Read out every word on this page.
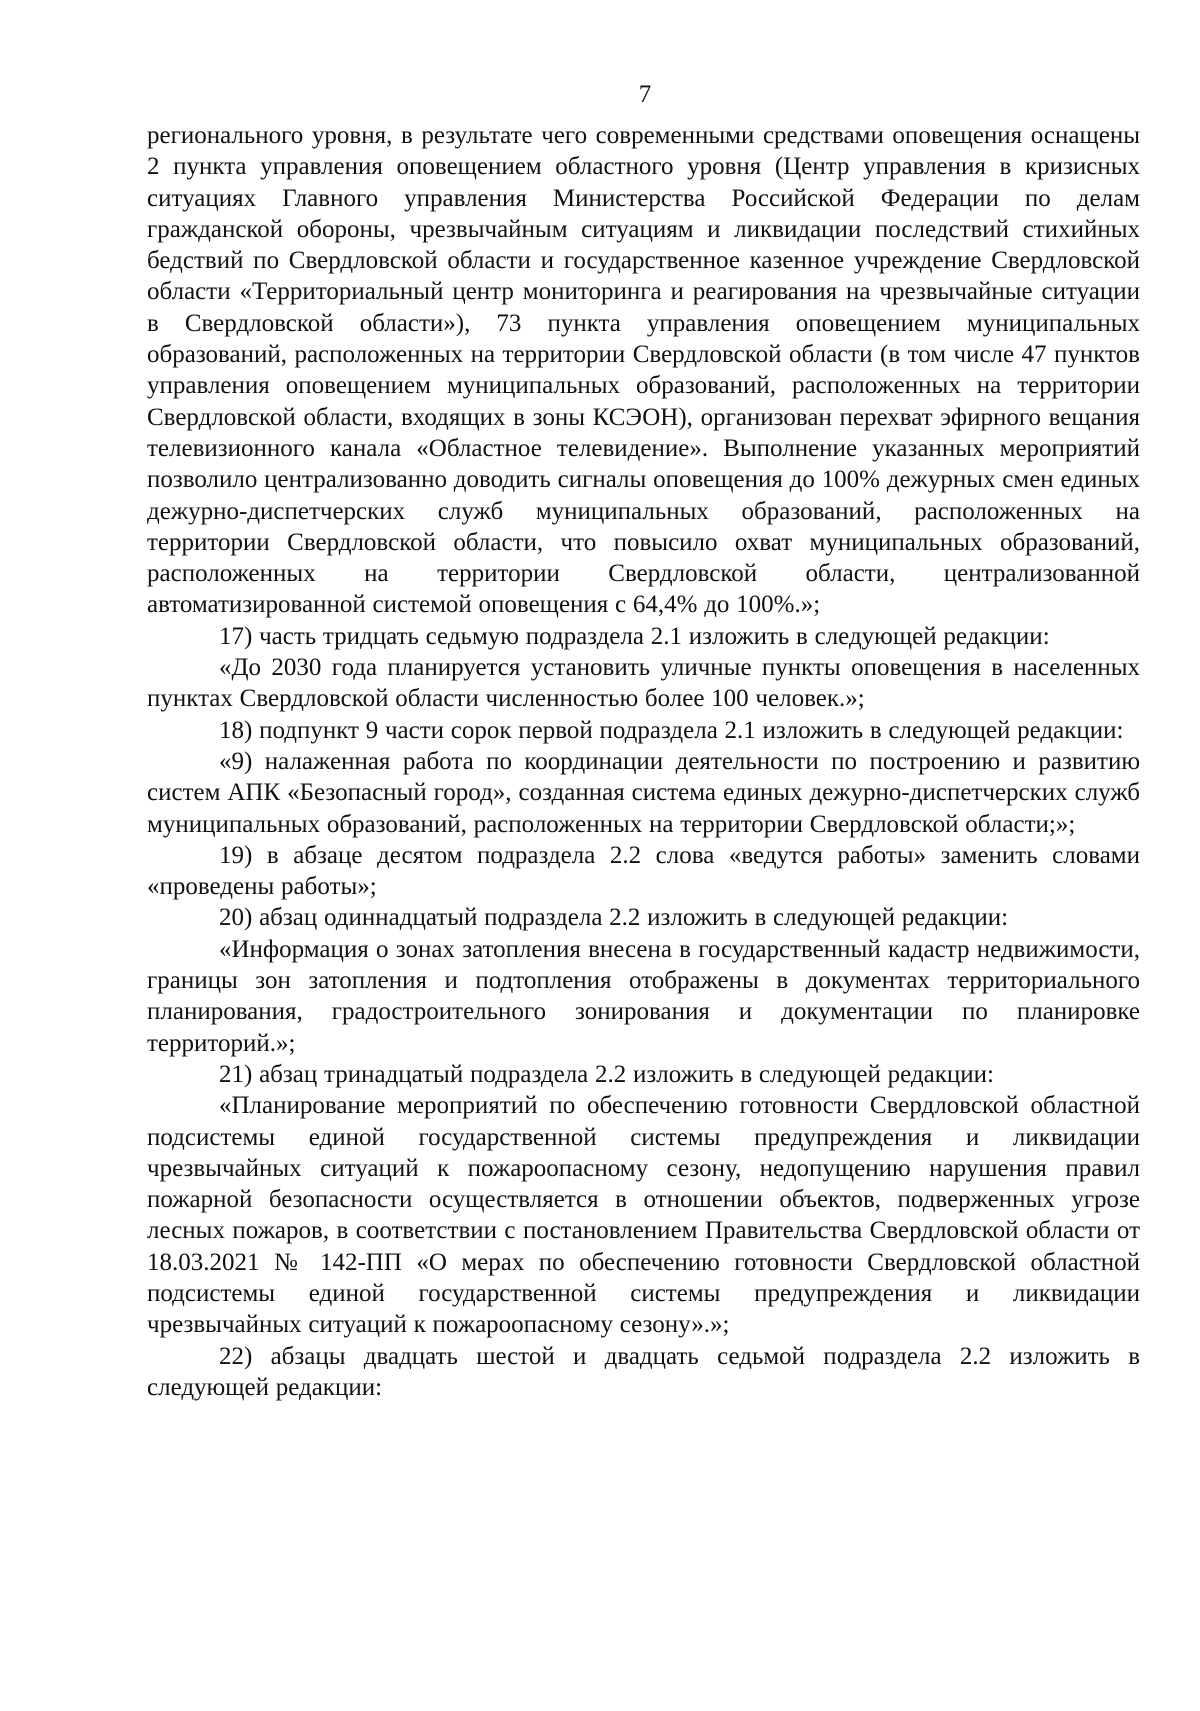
7

регионального уровня, в результате чего современными средствами оповещения оснащены 2 пункта управления оповещением областного уровня (Центр управления в кризисных ситуациях Главного управления Министерства Российской Федерации по делам гражданской обороны, чрезвычайным ситуациям и ликвидации последствий стихийных бедствий по Свердловской области и государственное казенное учреждение Свердловской области «Территориальный центр мониторинга и реагирования на чрезвычайные ситуации в Свердловской области»), 73 пункта управления оповещением муниципальных образований, расположенных на территории Свердловской области (в том числе 47 пунктов управления оповещением муниципальных образований, расположенных на территории Свердловской области, входящих в зоны КСЭОН), организован перехват эфирного вещания телевизионного канала «Областное телевидение». Выполнение указанных мероприятий позволило централизованно доводить сигналы оповещения до 100% дежурных смен единых дежурно-диспетчерских служб муниципальных образований, расположенных на территории Свердловской области, что повысило охват муниципальных образований, расположенных на территории Свердловской области, централизованной автоматизированной системой оповещения с 64,4% до 100%.»;

17) часть тридцать седьмую подраздела 2.1 изложить в следующей редакции:

«До 2030 года планируется установить уличные пункты оповещения в населенных пунктах Свердловской области численностью более 100 человек.»;

18) подпункт 9 части сорок первой подраздела 2.1 изложить в следующей редакции:

«9) налаженная работа по координации деятельности по построению и развитию систем АПК «Безопасный город», созданная система единых дежурно-диспетчерских служб муниципальных образований, расположенных на территории Свердловской области;»;

19) в абзаце десятом подраздела 2.2 слова «ведутся работы» заменить словами «проведены работы»;

20) абзац одиннадцатый подраздела 2.2 изложить в следующей редакции:

«Информация о зонах затопления внесена в государственный кадастр недвижимости, границы зон затопления и подтопления отображены в документах территориального планирования, градостроительного зонирования и документации по планировке территорий.»;

21) абзац тринадцатый подраздела 2.2 изложить в следующей редакции:

«Планирование мероприятий по обеспечению готовности Свердловской областной подсистемы единой государственной системы предупреждения и ликвидации чрезвычайных ситуаций к пожароопасному сезону, недопущению нарушения правил пожарной безопасности осуществляется в отношении объектов, подверженных угрозе лесных пожаров, в соответствии с постановлением Правительства Свердловской области от 18.03.2021 № 142-ПП «О мерах по обеспечению готовности Свердловской областной подсистемы единой государственной системы предупреждения и ликвидации чрезвычайных ситуаций к пожароопасному сезону».»;

22) абзацы двадцать шестой и двадцать седьмой подраздела 2.2 изложить в следующей редакции:
